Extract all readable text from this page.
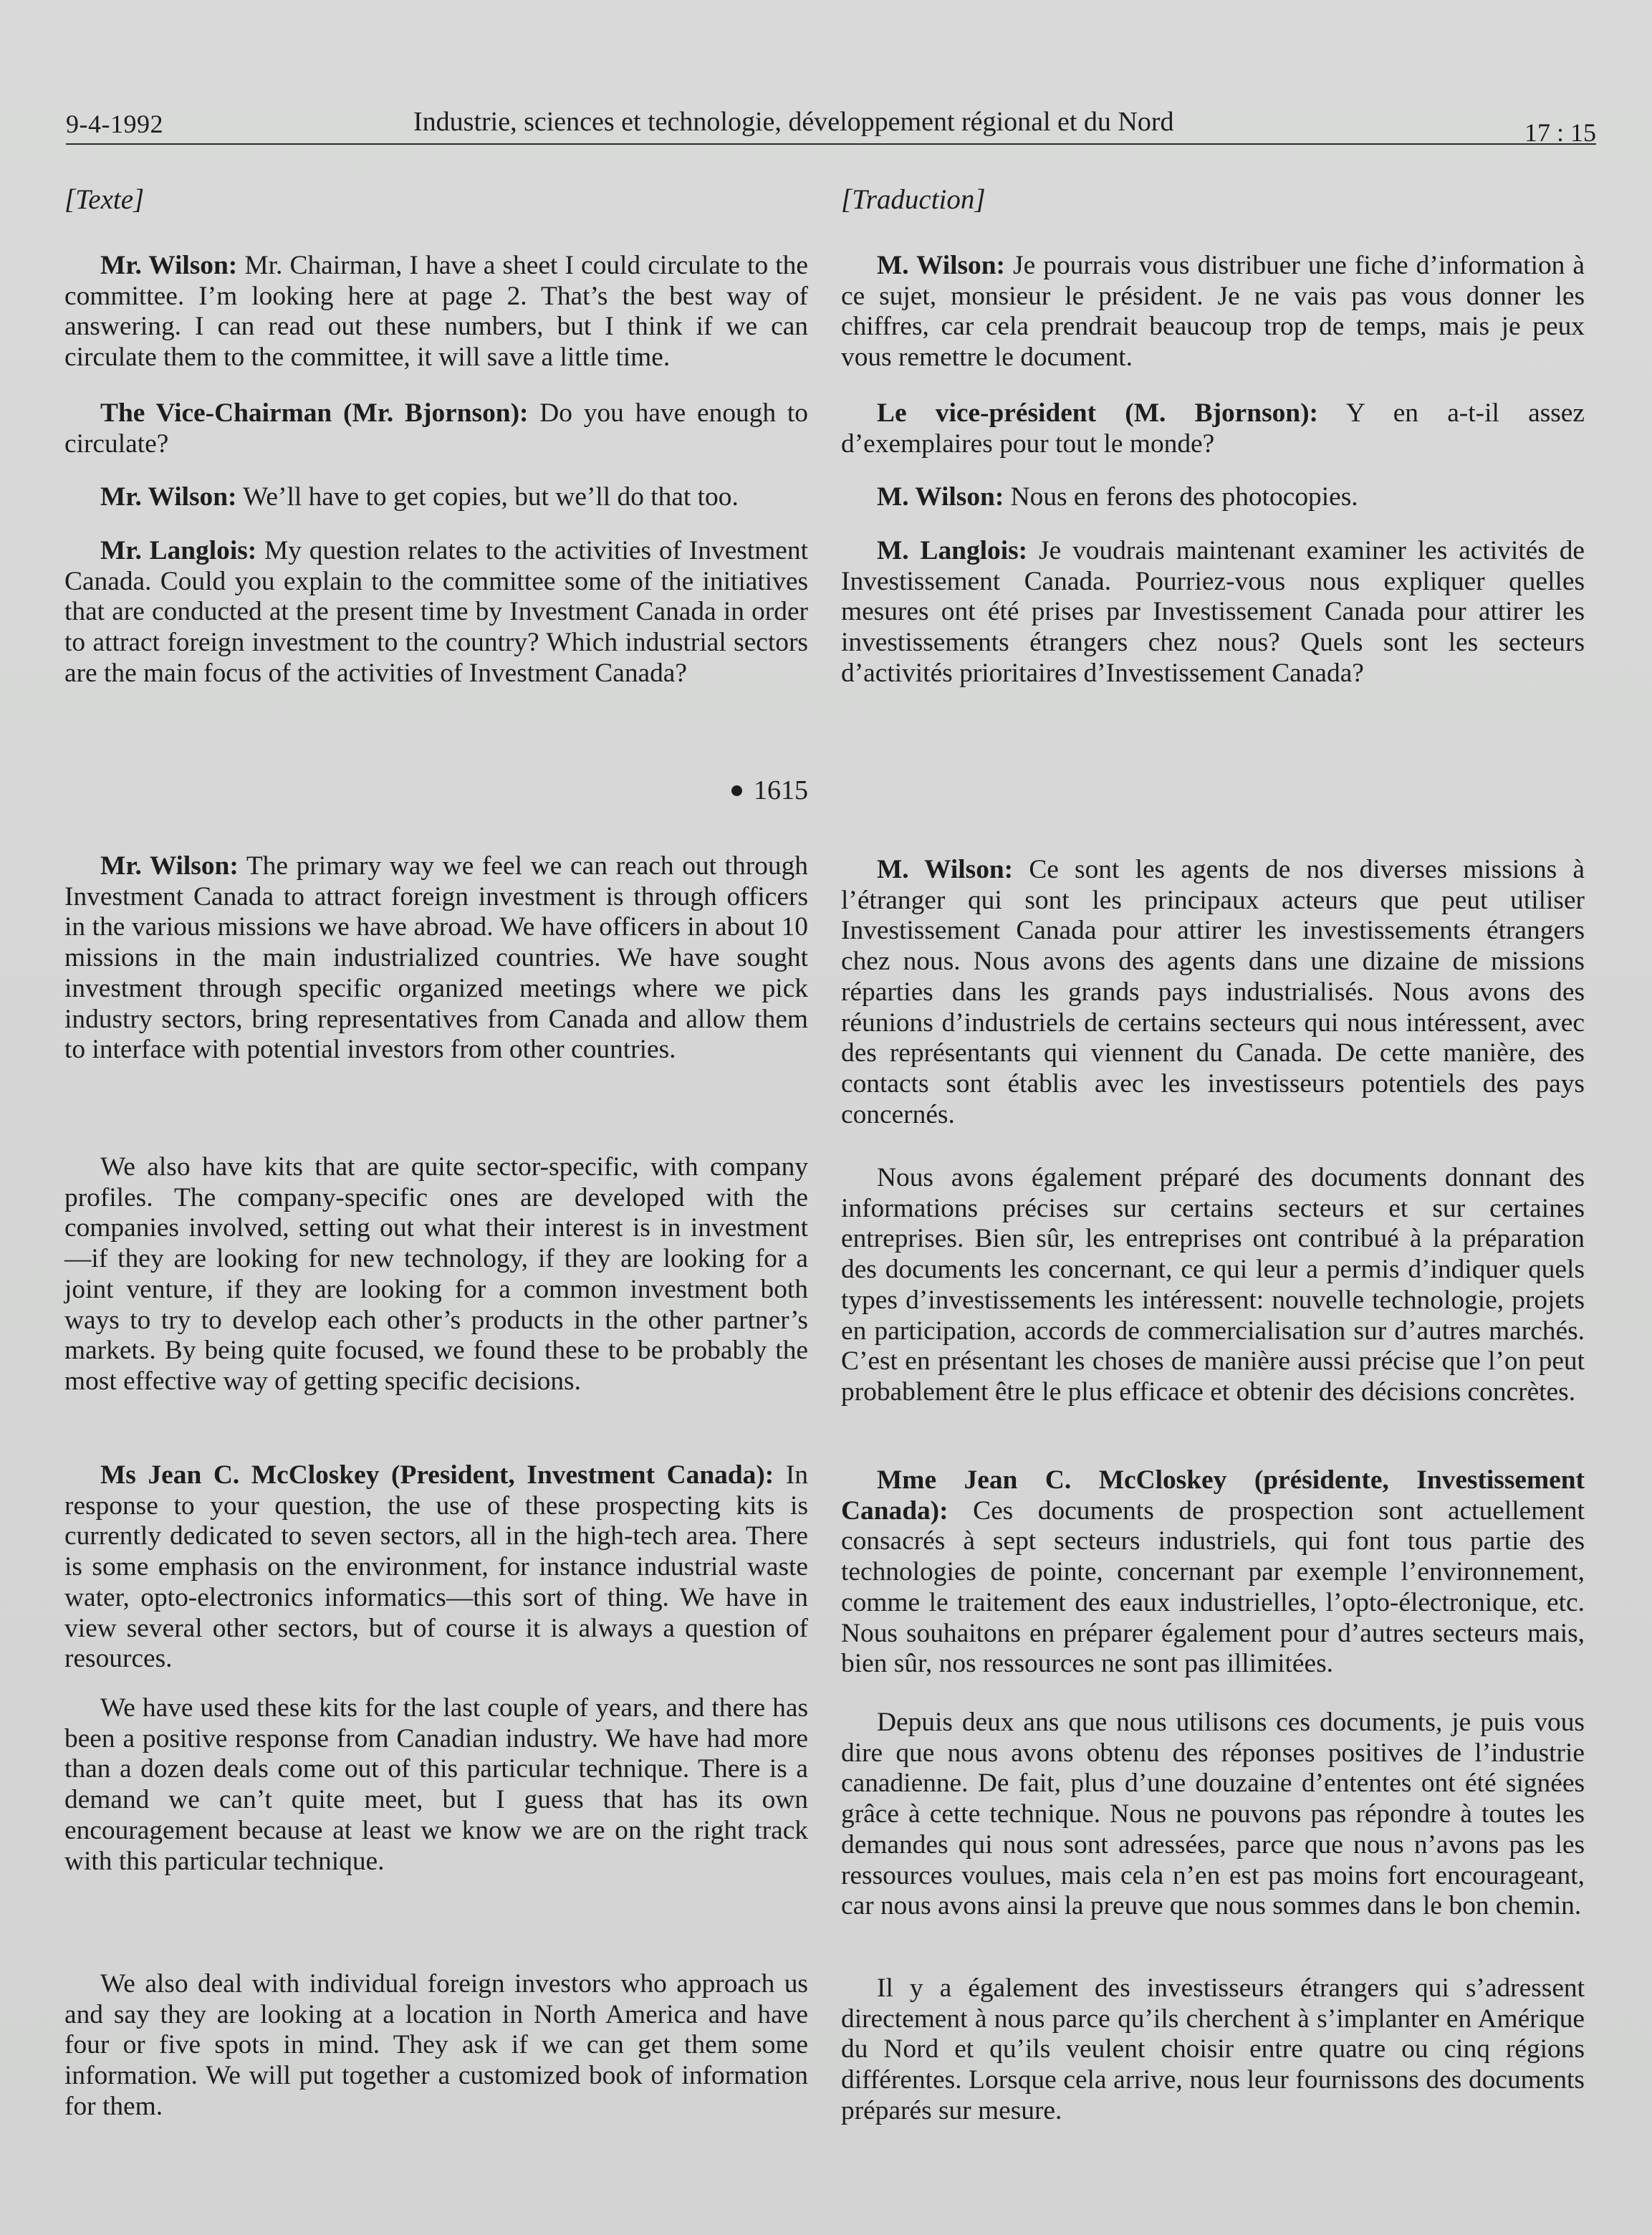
9-4-1992	Industrie, sciences et technologie, développement régional et du Nord	17 : 15

[Texte]

Mr. Wilson: Mr. Chairman, I have a sheet I could circulate to the committee. I’m looking here at page 2. That’s the best way of answering. I can read out these numbers, but I think if we can circulate them to the committee, it will save a little time.

The Vice-Chairman (Mr. Bjornson): Do you have enough to circulate?

Mr. Wilson: We’ll have to get copies, but we’ll do that too.

Mr. Langlois: My question relates to the activities of Investment Canada. Could you explain to the committee some of the initiatives that are conducted at the present time by Investment Canada in order to attract foreign investment to the country? Which industrial sectors are the main focus of the activities of Investment Canada?

1615

Mr. Wilson: The primary way we feel we can reach out through Investment Canada to attract foreign investment is through officers in the various missions we have abroad. We have officers in about 10 missions in the main industrialized countries. We have sought investment through specific organized meetings where we pick industry sectors, bring representatives from Canada and allow them to interface with potential investors from other countries.

We also have kits that are quite sector-specific, with company profiles. The company-specific ones are developed with the companies involved, setting out what their interest is in investment—if they are looking for new technology, if they are looking for a joint venture, if they are looking for a common investment both ways to try to develop each other’s products in the other partner’s markets. By being quite focused, we found these to be probably the most effective way of getting specific decisions.

Ms Jean C. McCloskey (President, Investment Canada): In response to your question, the use of these prospecting kits is currently dedicated to seven sectors, all in the high-tech area. There is some emphasis on the environment, for instance industrial waste water, opto-electronics informatics—this sort of thing. We have in view several other sectors, but of course it is always a question of resources.

We have used these kits for the last couple of years, and there has been a positive response from Canadian industry. We have had more than a dozen deals come out of this particular technique. There is a demand we can’t quite meet, but I guess that has its own encouragement because at least we know we are on the right track with this particular technique.

We also deal with individual foreign investors who approach us and say they are looking at a location in North America and have four or five spots in mind. They ask if we can get them some information. We will put together a customized book of information for them.

[Traduction]

M. Wilson: Je pourrais vous distribuer une fiche d’information à ce sujet, monsieur le président. Je ne vais pas vous donner les chiffres, car cela prendrait beaucoup trop de temps, mais je peux vous remettre le document.

Le vice-président (M. Bjornson): Y en a-t-il assez d’exemplaires pour tout le monde?

M. Wilson: Nous en ferons des photocopies.

M. Langlois: Je voudrais maintenant examiner les activités de Investissement Canada. Pourriez-vous nous expliquer quelles mesures ont été prises par Investissement Canada pour attirer les investissements étrangers chez nous? Quels sont les secteurs d’activités prioritaires d’Investissement Canada?

M. Wilson: Ce sont les agents de nos diverses missions à l’étranger qui sont les principaux acteurs que peut utiliser Investissement Canada pour attirer les investissements étrangers chez nous. Nous avons des agents dans une dizaine de missions réparties dans les grands pays industrialisés. Nous avons des réunions d’industriels de certains secteurs qui nous intéressent, avec des représentants qui viennent du Canada. De cette manière, des contacts sont établis avec les investisseurs potentiels des pays concernés.

Nous avons également préparé des documents donnant des informations précises sur certains secteurs et sur certaines entreprises. Bien sûr, les entreprises ont contribué à la préparation des documents les concernant, ce qui leur a permis d’indiquer quels types d’investissements les intéressent: nouvelle technologie, projets en participation, accords de commercialisation sur d’autres marchés. C’est en présentant les choses de manière aussi précise que l’on peut probablement être le plus efficace et obtenir des décisions concrètes.

Mme Jean C. McCloskey (présidente, Investissement Canada): Ces documents de prospection sont actuellement consacrés à sept secteurs industriels, qui font tous partie des technologies de pointe, concernant par exemple l’environnement, comme le traitement des eaux industrielles, l’opto-électronique, etc. Nous souhaitons en préparer également pour d’autres secteurs mais, bien sûr, nos ressources ne sont pas illimitées.

Depuis deux ans que nous utilisons ces documents, je puis vous dire que nous avons obtenu des réponses positives de l’industrie canadienne. De fait, plus d’une douzaine d’ententes ont été signées grâce à cette technique. Nous ne pouvons pas répondre à toutes les demandes qui nous sont adressées, parce que nous n’avons pas les ressources voulues, mais cela n’en est pas moins fort encourageant, car nous avons ainsi la preuve que nous sommes dans le bon chemin.

Il y a également des investisseurs étrangers qui s’adressent directement à nous parce qu’ils cherchent à s’implanter en Amérique du Nord et qu’ils veulent choisir entre quatre ou cinq régions différentes. Lorsque cela arrive, nous leur fournissons des documents préparés sur mesure.
